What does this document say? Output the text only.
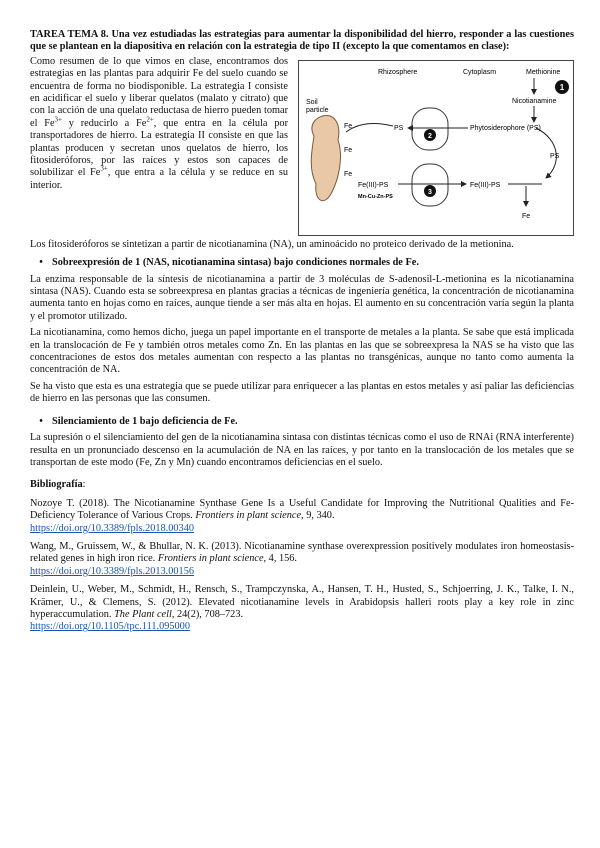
TAREA TEMA 8. Una vez estudiadas las estrategias para aumentar la disponibilidad del hierro, responder a las cuestiones que se plantean en la diapositiva en relación con la estrategia de tipo II (excepto la que comentamos en clase):
Como resumen de lo que vimos en clase, encontramos dos estrategias en las plantas para adquirir Fe del suelo cuando se encuentra de forma no biodisponible. La estrategia I consiste en acidificar el suelo y liberar quelatos (malato y citrato) que con la acción de una quelato reductasa de hierro pueden tomar el $Fe^{3+}$ y reducirlo a $Fe^{2+}$, que entra en la célula por transportadores de hierro. La estrategia II consiste en que las plantas producen y secretan unos quelatos de hierro, los fitosideróforos, por las raíces y estos son capaces de solubilizar el $Fe^{3+}$, que entra a la célula y se reduce en su interior.
Rhizosphere	Cytoplasm	Methionine
1
Nicotianamine
Soil
particle
Fe
Fe
Fe
PS
2
Phytosiderophore (PS)
Fe(III)-PS
Mn-Cu-Zn-PS
3
Fe(III)-PS
PS
Fe

Los fitosideróforos se sintetizan a partir de nicotianamina (NA), un aminoácido no proteico derivado de la metionina.

• Sobreexpresión de 1 (NAS, nicotianamina sintasa) bajo condiciones normales de Fe.

La enzima responsable de la síntesis de nicotianamina a partir de 3 moléculas de S-adenosil-L-metionina es la nicotianamina sintasa (NAS). Cuando esta se sobreexpresa en plantas gracias a técnicas de ingeniería genética, la concentración de nicotianamina aumenta tanto en hojas como en raíces, aunque tiende a ser más alta en hojas. El aumento en su concentración varía según la planta y el promotor utilizado.

La nicotianamina, como hemos dicho, juega un papel importante en el transporte de metales a la planta. Se sabe que está implicada en la translocación de Fe y también otros metales como Zn. En las plantas en las que se sobreexpresa la NAS se ha visto que las concentraciones de estos dos metales aumentan con respecto a las plantas no transgénicas, aunque no tanto como aumenta la concentración de NA.

Se ha visto que esta es una estrategia que se puede utilizar para enriquecer a las plantas en estos metales y así paliar las deficiencias de hierro en las personas que las consumen.

• Silenciamiento de 1 bajo deficiencia de Fe.

La supresión o el silenciamiento del gen de la nicotianamina sintasa con distintas técnicas como el uso de RNAi (RNA interferente) resulta en un pronunciado descenso en la acumulación de NA en las raíces, y por tanto en la translocación de los metales que se transportan de este modo (Fe, Zn y Mn) cuando encontramos deficiencias en el suelo.

Bibliografía:
Nozoye T. (2018). The Nicotianamine Synthase Gene Is a Useful Candidate for Improving the Nutritional Qualities and Fe-Deficiency Tolerance of Various Crops. Frontiers in plant science, 9, 340.
https://doi.org/10.3389/fpls.2018.00340
Wang, M., Gruissem, W., & Bhullar, N. K. (2013). Nicotianamine synthase overexpression positively modulates iron homeostasis-related genes in high iron rice. Frontiers in plant science, 4, 156.
https://doi.org/10.3389/fpls.2013.00156
Deinlein, U., Weber, M., Schmidt, H., Rensch, S., Trampczynska, A., Hansen, T. H., Husted, S., Schjoerring, J. K., Talke, I. N., Krämer, U., & Clemens, S. (2012). Elevated nicotianamine levels in Arabidopsis halleri roots play a key role in zinc hyperaccumulation. The Plant cell, 24(2), 708–723.
https://doi.org/10.1105/tpc.111.095000
